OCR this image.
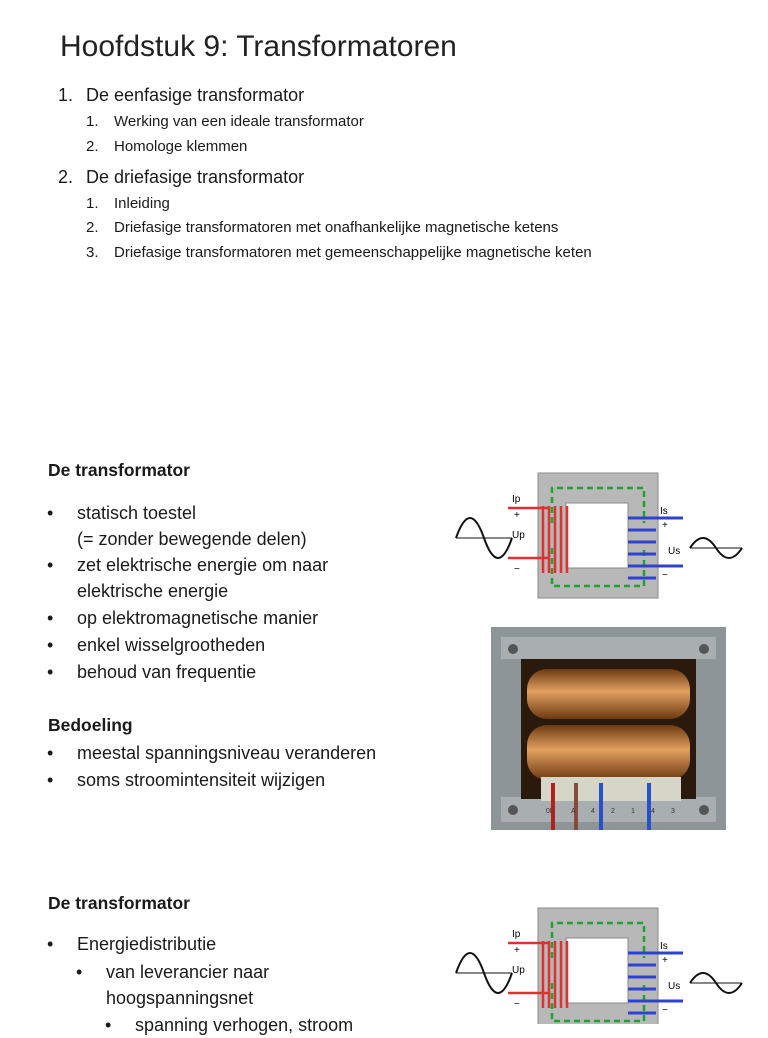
Hoofdstuk 9: Transformatoren
1. De eenfasige transformator
1. Werking van een ideale transformator
2. Homologe klemmen
2. De driefasige transformator
1. Inleiding
2. Driefasige transformatoren met onafhankelijke magnetische ketens
3. Driefasige transformatoren met gemeenschappelijke magnetische keten
De transformator
• statisch toestel
(= zonder bewegende delen)
• zet elektrische energie om naar
elektrische energie
• op elektromagnetische manier
• enkel wisselgrootheden
• behoud van frequentie
Bedoeling
• meestal spanningsniveau veranderen
• soms stroomintensiteit wijzigen
Ip
+
Up
−
Is
+
Us
−
0L A 4 2 1 4 3
De transformator
• Energiedistributie
• van leverancier naar
hoogspanningsnet
• spanning verhogen, stroom
Ip
+
Up
−
Is
+
Us
−
